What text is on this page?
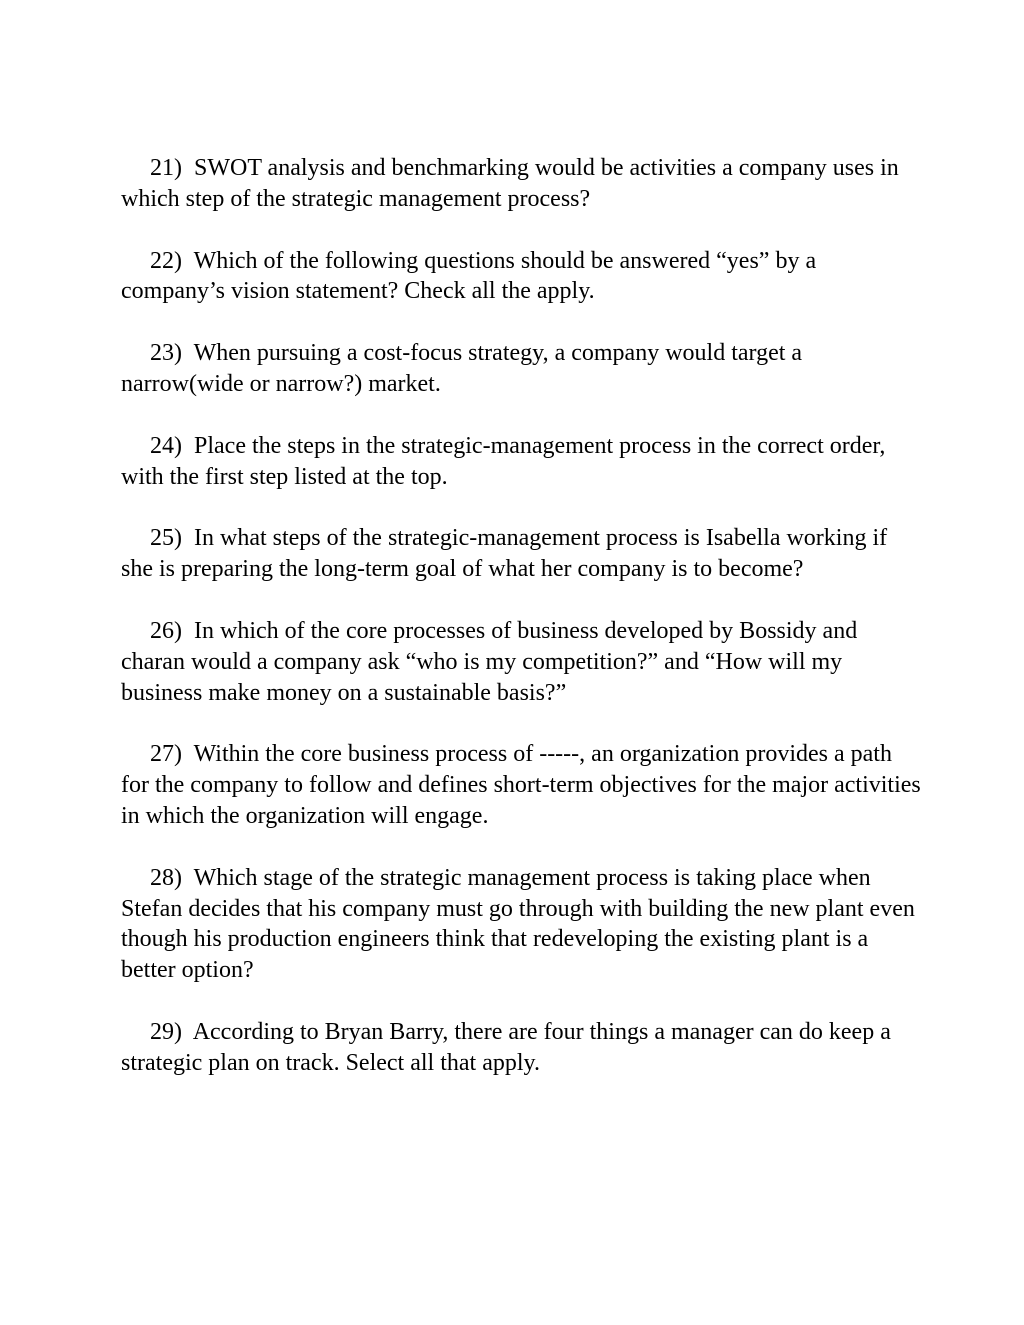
21) SWOT analysis and benchmarking would be activities a company uses in which step of the strategic management process?

22) Which of the following questions should be answered “yes” by a company’s vision statement? Check all the apply.

23) When pursuing a cost-focus strategy, a company would target a narrow(wide or narrow?) market.

24) Place the steps in the strategic-management process in the correct order, with the first step listed at the top.

25) In what steps of the strategic-management process is Isabella working if she is preparing the long-term goal of what her company is to become?

26) In which of the core processes of business developed by Bossidy and charan would a company ask “who is my competition?” and “How will my business make money on a sustainable basis?”

27) Within the core business process of -----, an organization provides a path for the company to follow and defines short-term objectives for the major activities in which the organization will engage.

28) Which stage of the strategic management process is taking place when Stefan decides that his company must go through with building the new plant even though his production engineers think that redeveloping the existing plant is a better option?

29) According to Bryan Barry, there are four things a manager can do keep a strategic plan on track. Select all that apply.
